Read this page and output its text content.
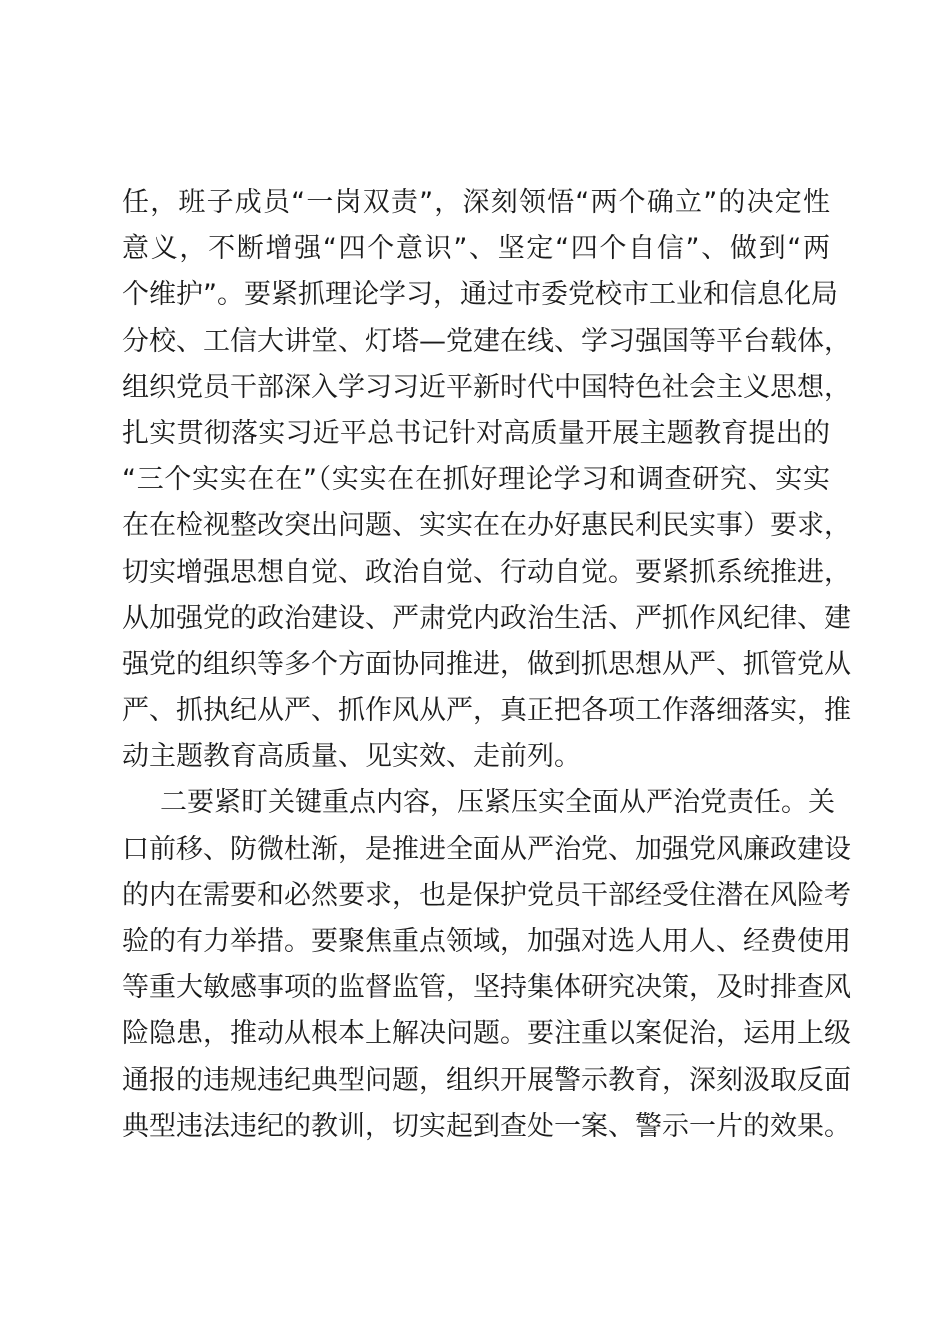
任，班子成员“一岗双责”，深刻领悟“两个确立”的决定性
意义，不断增强“四个意识”、坚定“四个自信”、做到“两
个维护”。要紧抓理论学习，通过市委党校市工业和信息化局
分校、工信大讲堂、灯塔—党建在线、学习强国等平台载体，
组织党员干部深入学习习近平新时代中国特色社会主义思想，
扎实贯彻落实习近平总书记针对高质量开展主题教育提出的
“三个实实在在”（实实在在抓好理论学习和调查研究、实实
在在检视整改突出问题、实实在在办好惠民利民实事）要求，
切实增强思想自觉、政治自觉、行动自觉。要紧抓系统推进，
从加强党的政治建设、严肃党内政治生活、严抓作风纪律、建
强党的组织等多个方面协同推进，做到抓思想从严、抓管党从
严、抓执纪从严、抓作风从严，真正把各项工作落细落实，推
动主题教育高质量、见实效、走前列。
二要紧盯关键重点内容，压紧压实全面从严治党责任。关
口前移、防微杜渐，是推进全面从严治党、加强党风廉政建设
的内在需要和必然要求，也是保护党员干部经受住潜在风险考
验的有力举措。要聚焦重点领域，加强对选人用人、经费使用
等重大敏感事项的监督监管，坚持集体研究决策，及时排查风
险隐患，推动从根本上解决问题。要注重以案促治，运用上级
通报的违规违纪典型问题，组织开展警示教育，深刻汲取反面
典型违法违纪的教训，切实起到查处一案、警示一片的效果。
